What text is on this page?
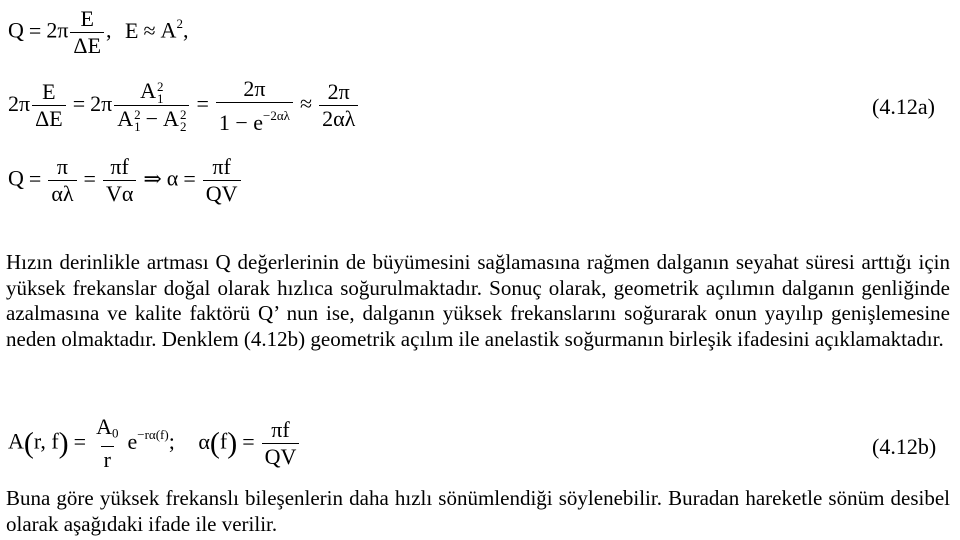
$Q = 2\pi \frac{E}{\Delta E}$ , $E \approx A^2$,
$2\pi \frac{E}{\Delta E} = 2\pi$ A 2
1
A 2
1 − A 2
$2 = \frac{2\pi}{1 - e^{-2\alpha\lambda}} \approx \frac{2\pi}{2\alpha\lambda}$	(4.12a)
$Q = \frac{\pi}{\alpha\lambda} = \frac{\pi f}{V\alpha}$ ⇒ $\alpha = \frac{\pi f}{QV}$

Hızın derinlikle artması Q değerlerinin de büyümesini sağlamasına rağmen dalganın seyahat süresi arttığı için yüksek frekanslar doğal olarak hızlıca soğurulmaktadır. Sonuç olarak, geometrik açılımın dalganın genliğinde azalmasına ve kalite faktörü Q’ nun ise, dalganın yüksek frekanslarını soğurarak onun yayılıp genişlemesine neden olmaktadır. Denklem (4.12b) geometrik açılım ile anelastik soğurmanın birleşik ifadesini açıklamaktadır.

A(r, $f) = \frac{A_0}{r} e^{-r\alpha(f)}$; $\alpha(f) = \frac{\pi f}{QV}$	(4.12b)

Buna göre yüksek frekanslı bileşenlerin daha hızlı sönümlendiği söylenebilir. Buradan hareketle sönüm desibel olarak aşağıdaki ifade ile verilir.
